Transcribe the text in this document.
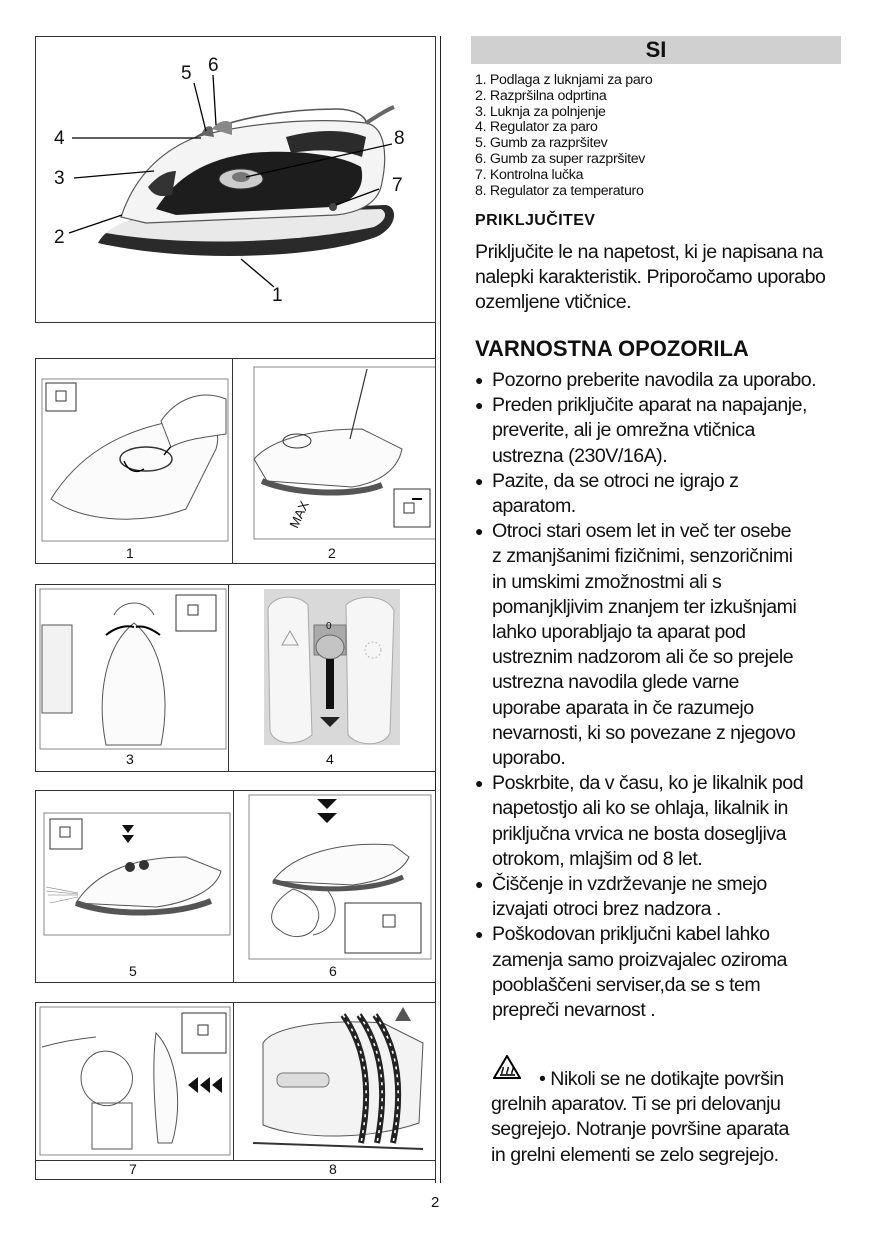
5 6
4	8
3	7
2
1
1
MAX
2
3
0
4
5	6
7	8
SI
1. Podlaga z luknjami za paro
2. Razpršilna odprtina
3. Luknja za polnjenje
4. Regulator za paro
5. Gumb za razpršitev
6. Gumb za super razpršitev
7. Kontrolna lučka
8. Regulator za temperaturo
PRIKLJUČITEV
Priključite le na napetost, ki je napisana na
nalepki karakteristik. Priporočamo uporabo
ozemljene vtičnice.
VARNOSTNA OPOZORILA
● Pozorno preberite navodila za uporabo.
● Preden priključite aparat na napajanje,
preverite, ali je omrežna vtičnica
ustrezna (230V/16A).
● Pazite, da se otroci ne igrajo z
aparatom.
● Otroci stari osem let in več ter osebe
z zmanjšanimi fizičnimi, senzoričnimi
in umskimi zmožnostmi ali s
pomanjkljivim znanjem ter izkušnjami
lahko uporabljajo ta aparat pod
ustreznim nadzorom ali če so prejele
ustrezna navodila glede varne
uporabe aparata in če razumejo
nevarnosti, ki so povezane z njegovo
uporabo.
● Poskrbite, da v času, ko je likalnik pod
napetostjo ali ko se ohlaja, likalnik in
priključna vrvica ne bosta dosegljiva
otrokom, mlajšim od 8 let.
● Čiščenje in vzdrževanje ne smejo
izvajati otroci brez nadzora .
● Poškodovan priključni kabel lahko
zamenja samo proizvajalec oziroma
pooblaščeni serviser,da se s tem
prepreči nevarnost .
• Nikoli se ne dotikajte površin
grelnih aparatov. Ti se pri delovanju
segrejejo. Notranje površine aparata
in grelni elementi se zelo segrejejo.
2
